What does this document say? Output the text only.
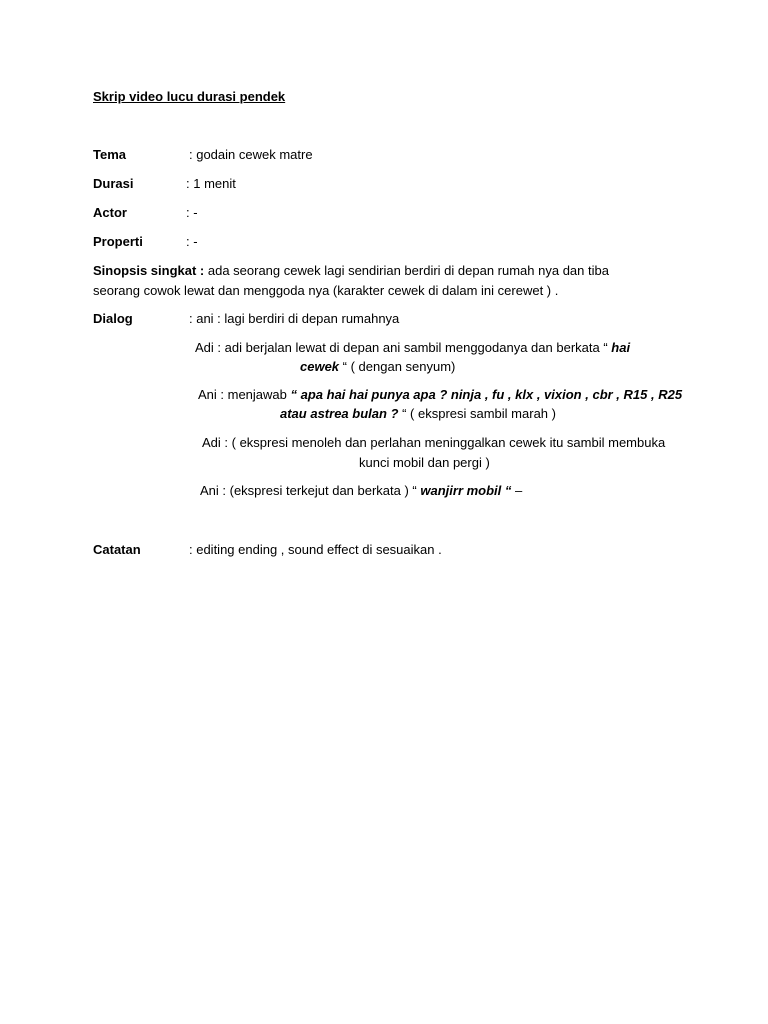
Skrip video lucu durasi pendek
Tema	: godain cewek matre
Durasi	: 1 menit
Actor	: -
Properti	: -
Sinopsis singkat : ada seorang cewek lagi sendirian berdiri di depan rumah nya dan tiba
seorang cowok lewat dan menggoda nya (karakter cewek di dalam ini cerewet ) .
Dialog	: ani : lagi berdiri di depan rumahnya
Adi : adi berjalan lewat di depan ani sambil menggodanya dan berkata “ hai
cewek “ ( dengan senyum)
Ani : menjawab “ apa hai hai punya apa ? ninja , fu , klx , vixion , cbr , R15 , R25
atau astrea bulan ? “ ( ekspresi sambil marah )
Adi : ( ekspresi menoleh dan perlahan meninggalkan cewek itu sambil membuka
kunci mobil dan pergi )
Ani : (ekspresi terkejut dan berkata ) “ wanjirr mobil “ –
Catatan	: editing ending , sound effect di sesuaikan .
